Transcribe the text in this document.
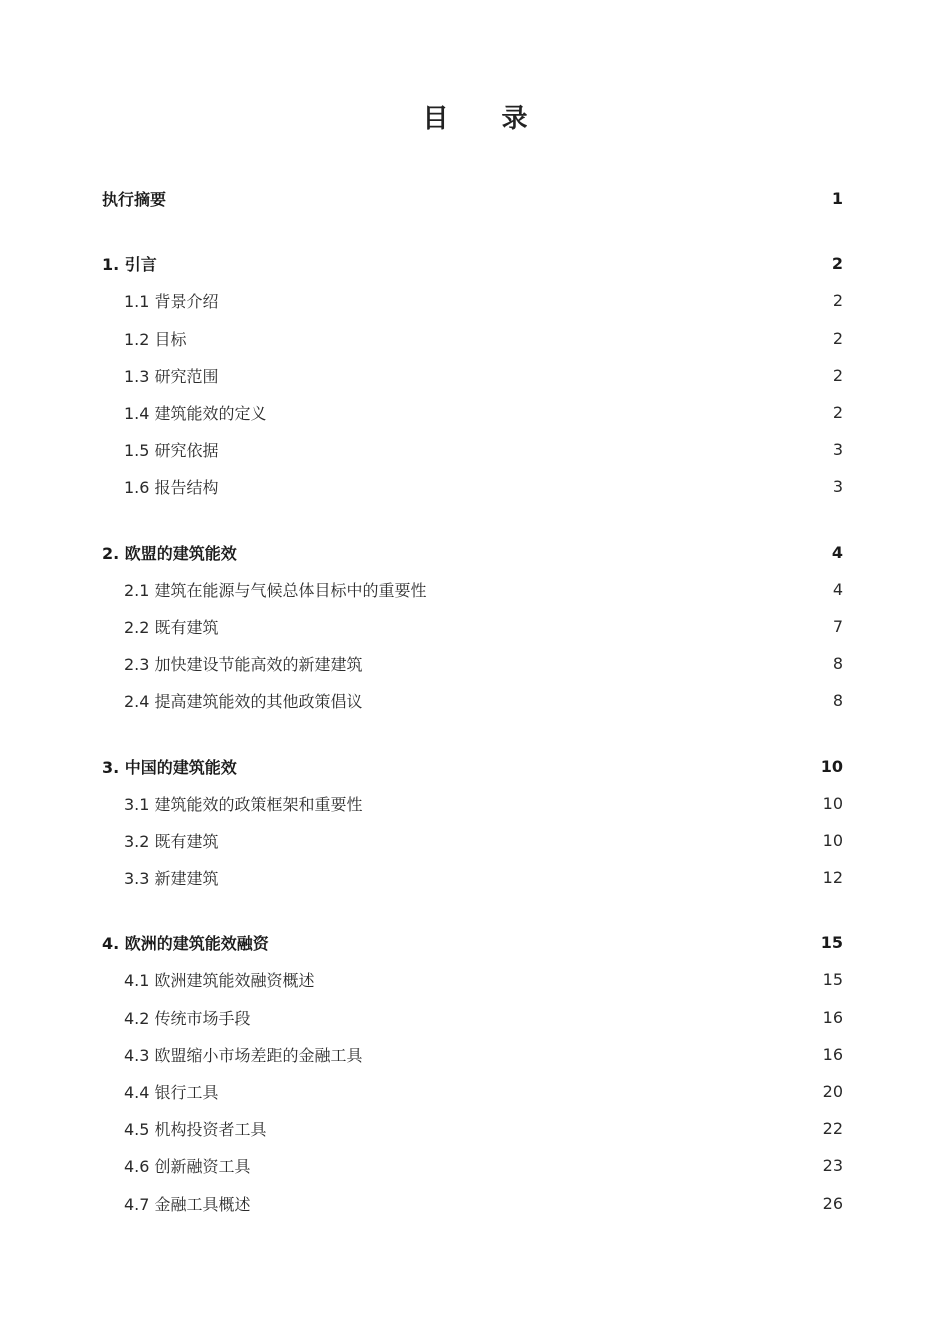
目 录
执行摘要	1
1. 引言	2
1.1 背景介绍	2
1.2 目标	2
1.3 研究范围	2
1.4 建筑能效的定义	2
1.5 研究依据	3
1.6 报告结构	3
2. 欧盟的建筑能效	4
2.1 建筑在能源与气候总体目标中的重要性	4
2.2 既有建筑	7
2.3 加快建设节能高效的新建建筑	8
2.4 提高建筑能效的其他政策倡议	8
3. 中国的建筑能效	10
3.1 建筑能效的政策框架和重要性	10
3.2 既有建筑	10
3.3 新建建筑	12
4. 欧洲的建筑能效融资	15
4.1 欧洲建筑能效融资概述	15
4.2 传统市场手段	16
4.3 欧盟缩小市场差距的金融工具	16
4.4 银行工具	20
4.5 机构投资者工具	22
4.6 创新融资工具	23
4.7 金融工具概述	26
